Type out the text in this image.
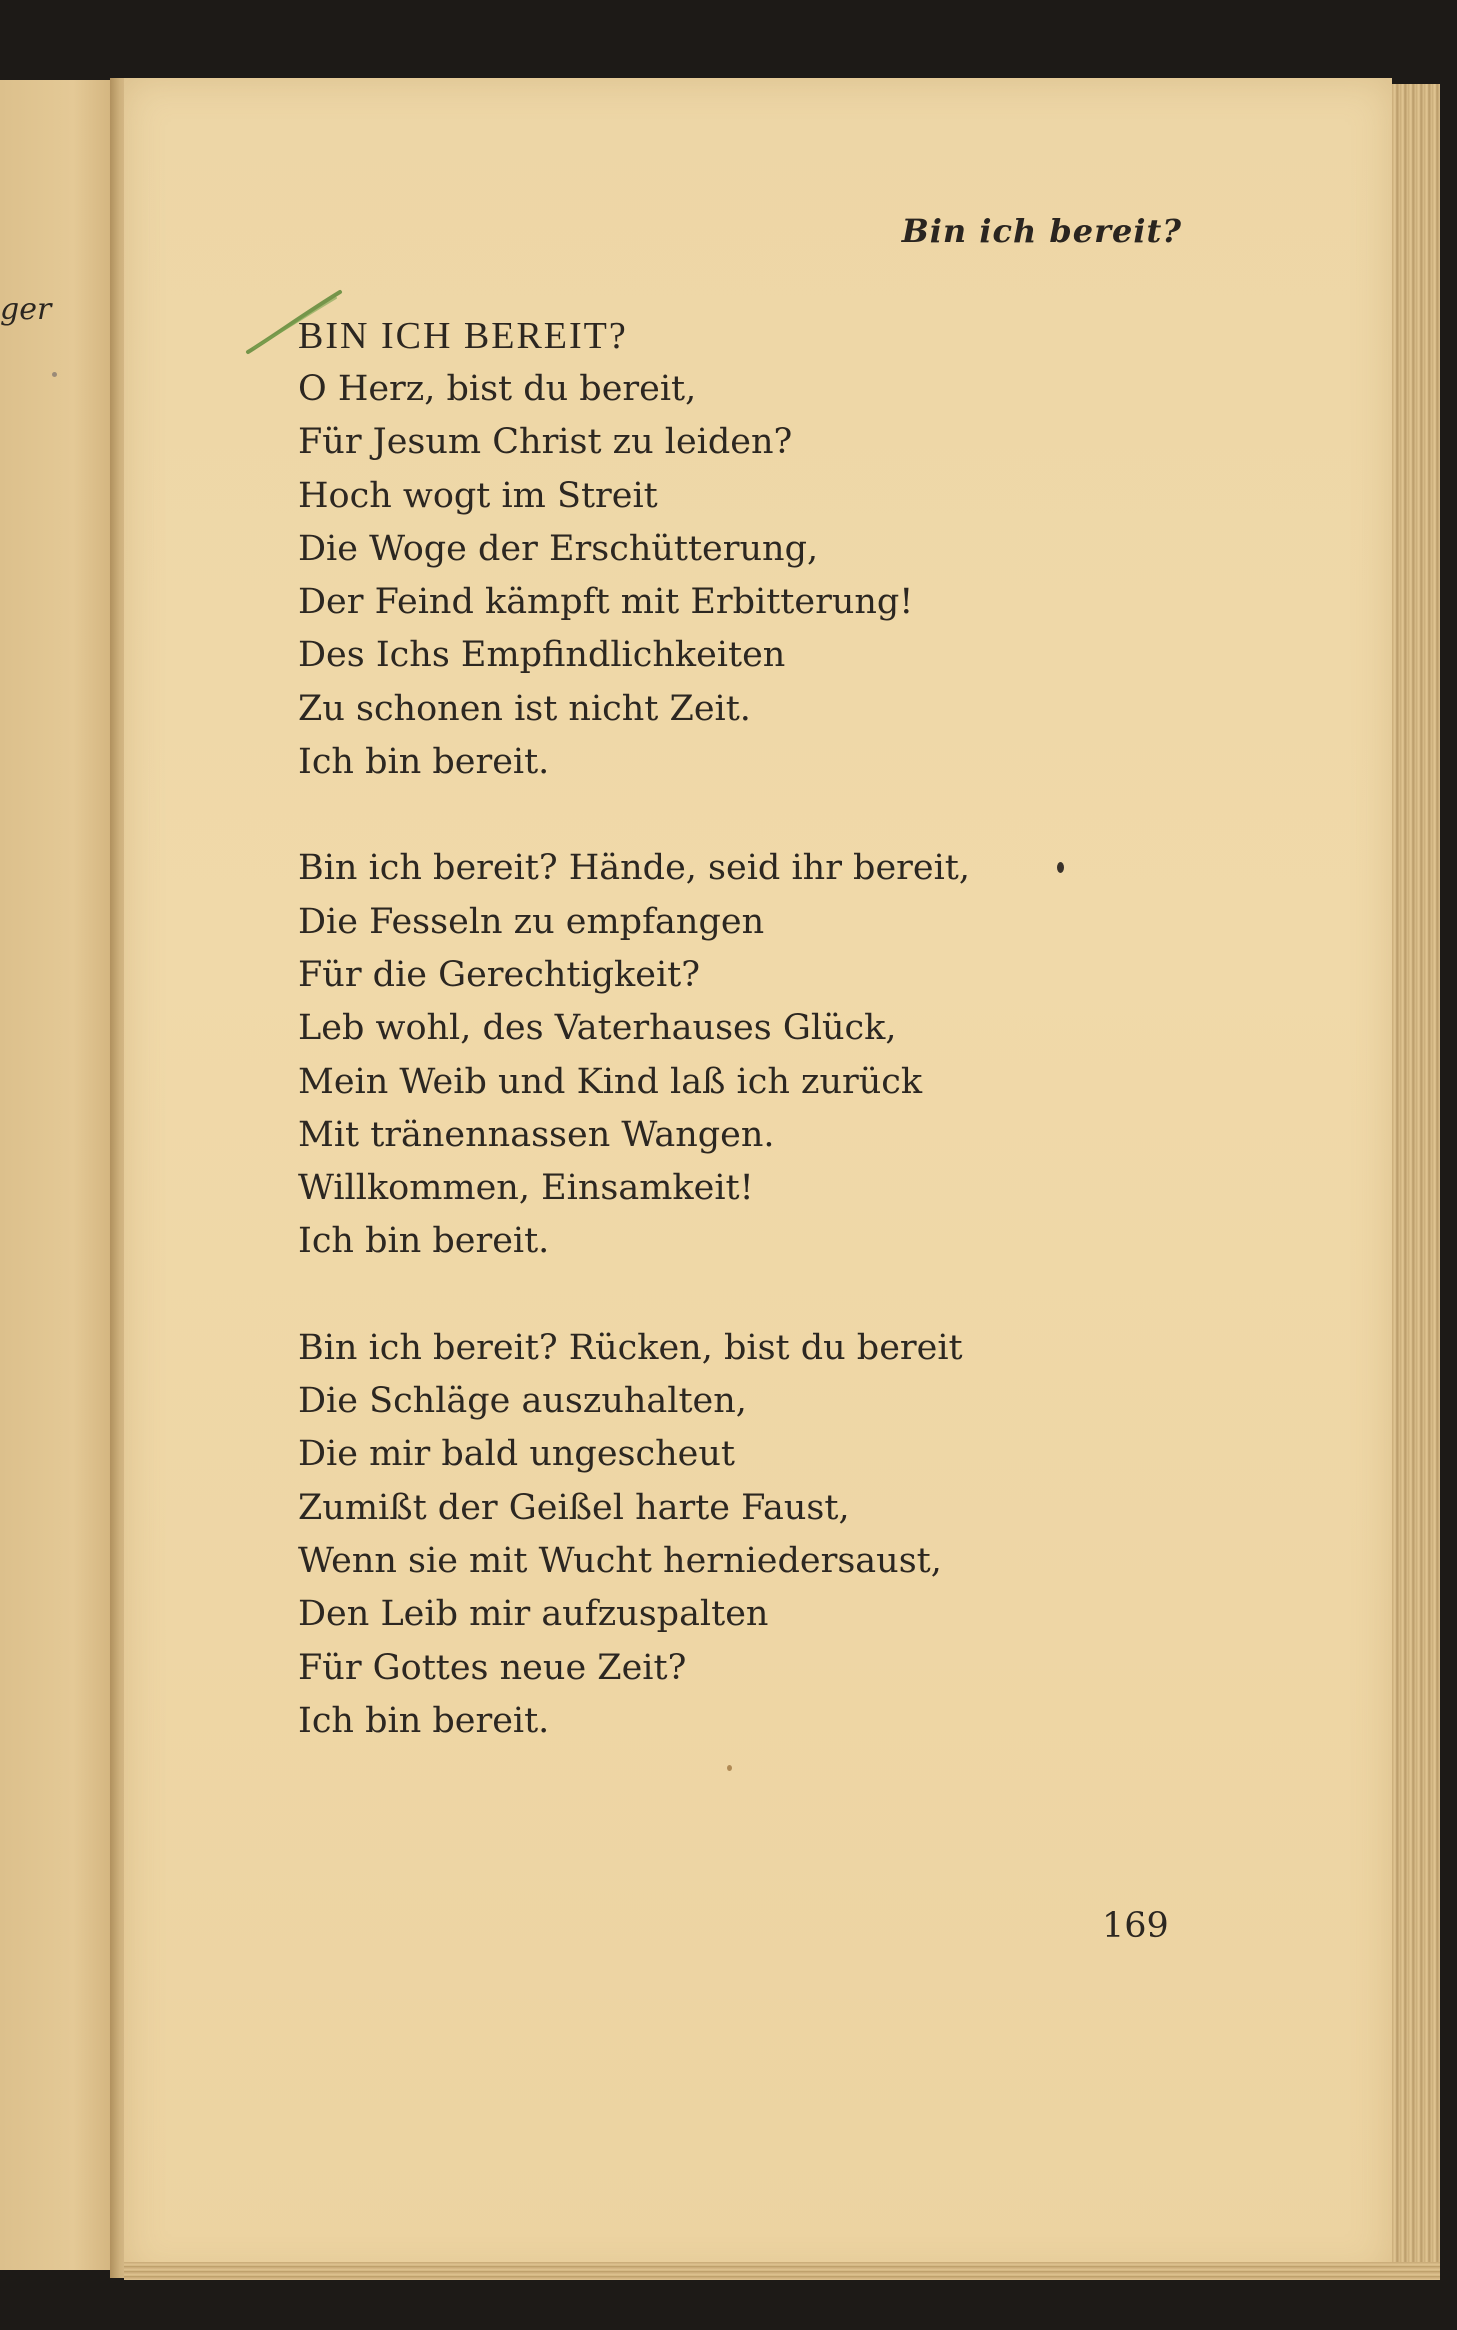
ger
Bin ich bereit?

BIN ICH BEREIT?

O Herz, bist du bereit,
Für Jesum Christ zu leiden?
Hoch wogt im Streit
Die Woge der Erschütterung,
Der Feind kämpft mit Erbitterung!
Des Ichs Empfindlichkeiten
Zu schonen ist nicht Zeit.
Ich bin bereit.

Bin ich bereit? Hände, seid ihr bereit,
Die Fesseln zu empfangen
Für die Gerechtigkeit?
Leb wohl, des Vaterhauses Glück,
Mein Weib und Kind laß ich zurück
Mit tränennassen Wangen.
Willkommen, Einsamkeit!
Ich bin bereit.

Bin ich bereit? Rücken, bist du bereit
Die Schläge auszuhalten,
Die mir bald ungescheut
Zumißt der Geißel harte Faust,
Wenn sie mit Wucht herniedersaust,
Den Leib mir aufzuspalten
Für Gottes neue Zeit?
Ich bin bereit.

169
